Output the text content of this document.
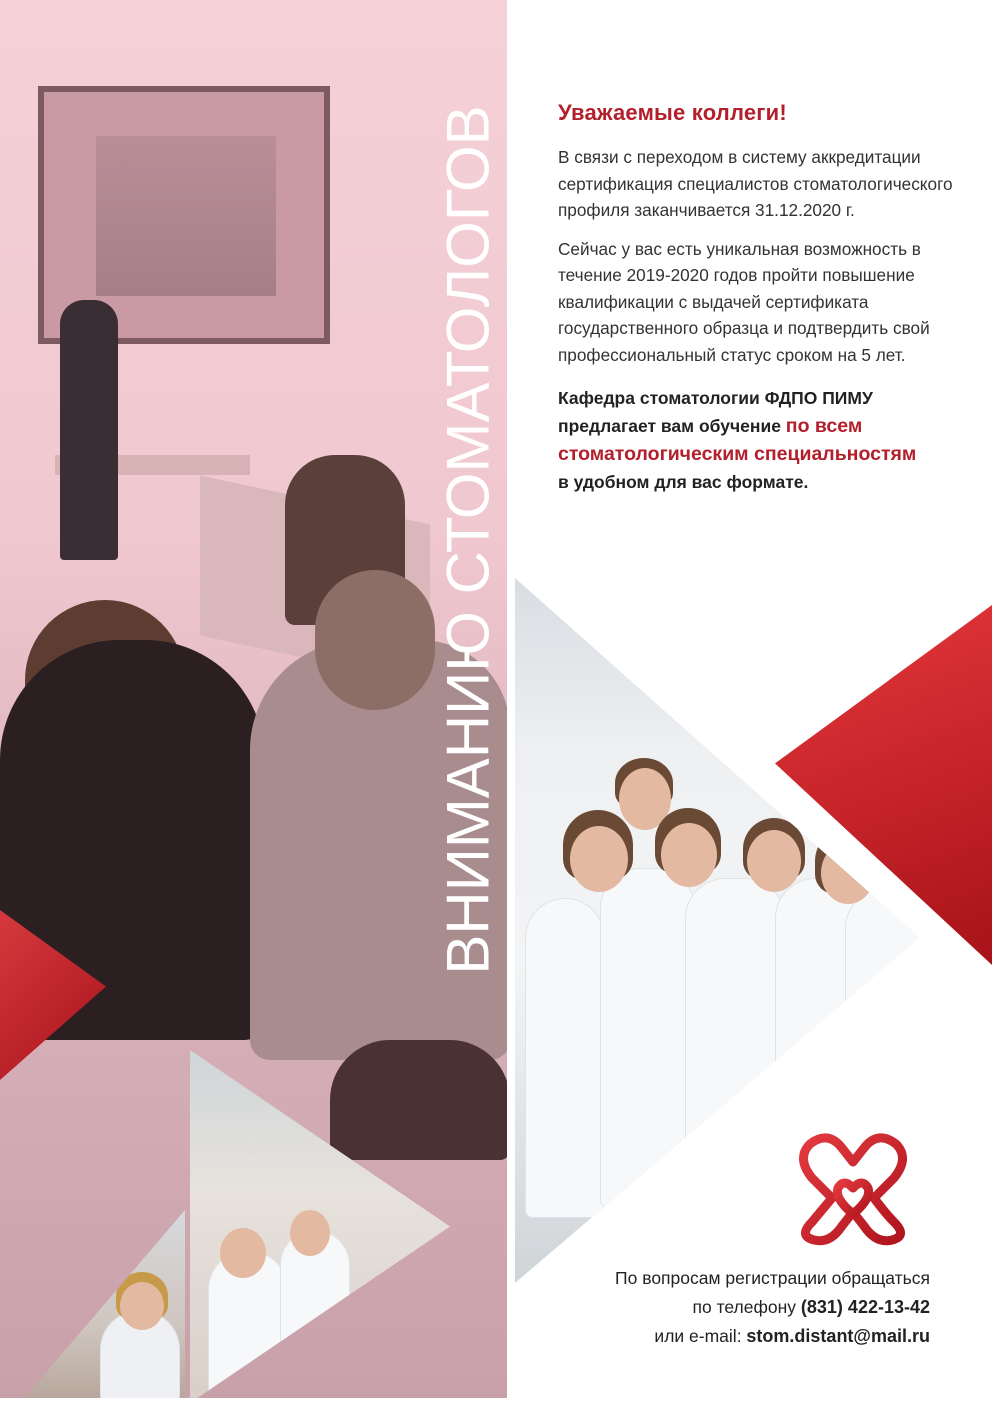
ВНИМАНИЮ СТОМАТОЛОГОВ	Уважаемые коллеги!

В связи с переходом в систему аккредитации сертификация специалистов стоматологического профиля заканчивается 31.12.2020 г.

Сейчас у вас есть уникальная возможность в течение 2019-2020 годов пройти повышение квалификации с выдачей сертификата государственного образца и подтвердить свой профессиональный статус сроком на 5 лет.

Кафедра стоматологии ФДПО ПИМУ
предлагает вам обучение по всем стоматологическим специальностям
в удобном для вас формате.
По вопросам регистрации обращаться
по телефону (831) 422-13-42
или e-mail: stom.distant@mail.ru
